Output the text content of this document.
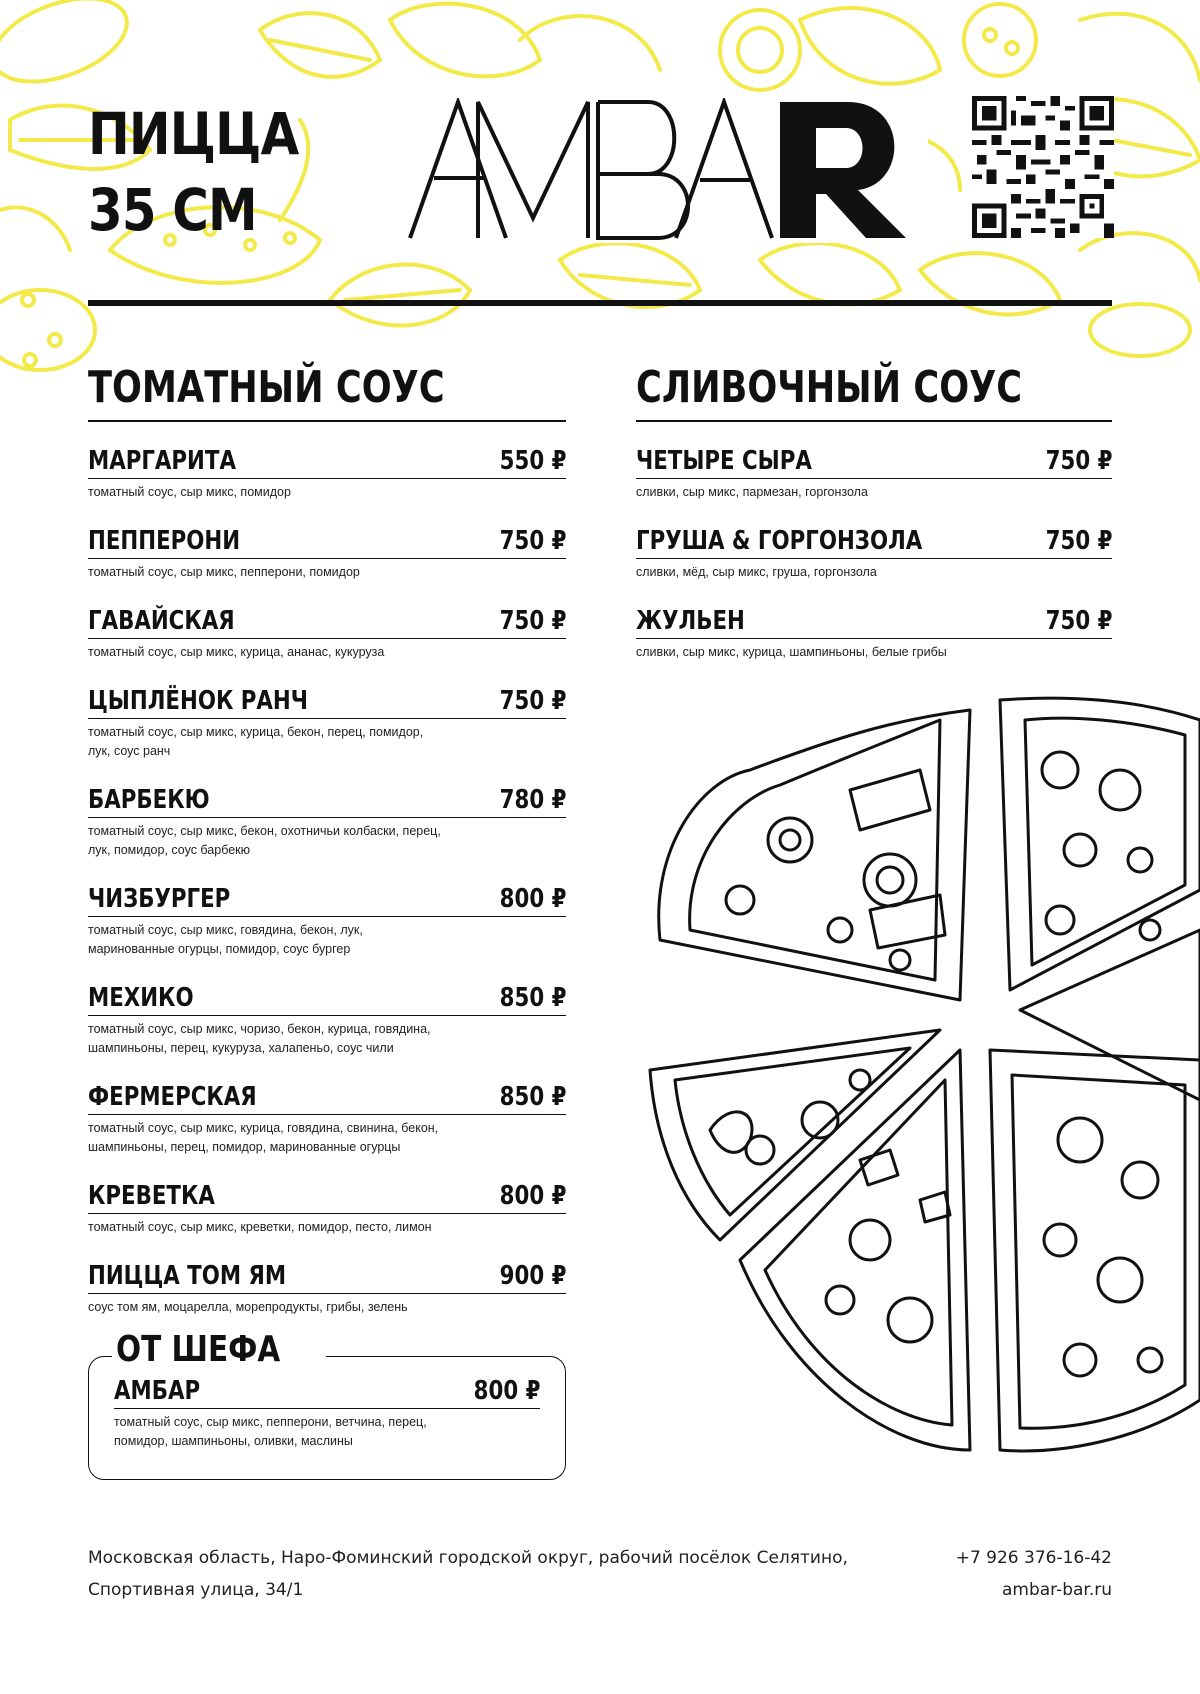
ПИЦЦА
35 СМ
ТОМАТНЫЙ СОУС
МАРГАРИТА	550 ₽
томатный соус, сыр микс, помидор
ПЕППЕРОНИ	750 ₽
томатный соус, сыр микс, пепперони, помидор
ГАВАЙСКАЯ	750 ₽
томатный соус, сыр микс, курица, ананас, кукуруза
ЦЫПЛЁНОК РАНЧ	750 ₽
томатный соус, сыр микс, курица, бекон, перец, помидор, лук, соус ранч
БАРБЕКЮ	780 ₽
томатный соус, сыр микс, бекон, охотничьи колбаски, перец, лук, помидор, соус барбекю
ЧИЗБУРГЕР	800 ₽
томатный соус, сыр микс, говядина, бекон, лук, маринованные огурцы, помидор, соус бургер
МЕХИКО	850 ₽
томатный соус, сыр микс, чоризо, бекон, курица, говядина, шампиньоны, перец, кукуруза, халапеньо, соус чили
ФЕРМЕРСКАЯ	850 ₽
томатный соус, сыр микс, курица, говядина, свинина, бекон, шампиньоны, перец, помидор, маринованные огурцы
КРЕВЕТКА	800 ₽
томатный соус, сыр микс, креветки, помидор, песто, лимон
ПИЦЦА ТОМ ЯМ	900 ₽
соус том ям, моцарелла, морепродукты, грибы, зелень
СЛИВОЧНЫЙ СОУС
ЧЕТЫРЕ СЫРА	750 ₽
сливки, сыр микс, пармезан, горгонзола
ГРУША & ГОРГОНЗОЛА	750 ₽
сливки, мёд, сыр микс, груша, горгонзола
ЖУЛЬЕН	750 ₽
сливки, сыр микс, курица, шампиньоны, белые грибы
ОТ ШЕФА
АМБАР	800 ₽
томатный соус, сыр микс, пепперони, ветчина, перец, помидор, шампиньоны, оливки, маслины
Московская область, Наро-Фоминский городской округ, рабочий посёлок Селятино,
Спортивная улица, 34/1
+7 926 376-16-42
ambar-bar.ru
